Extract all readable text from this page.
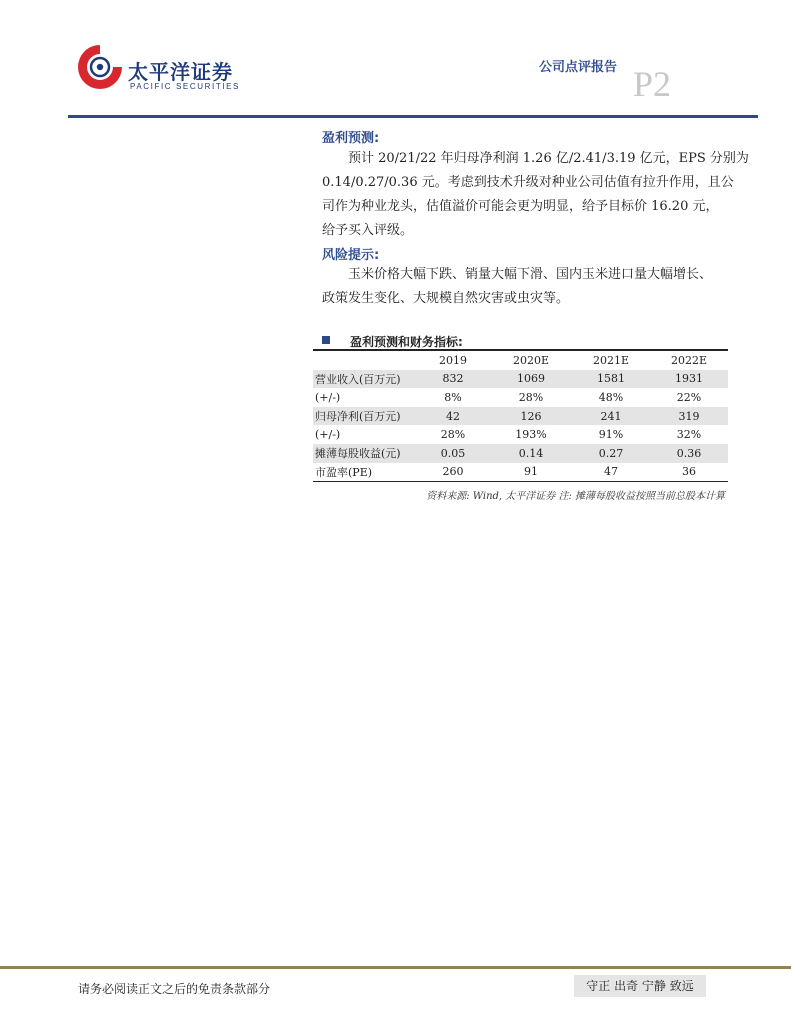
太平洋证券
PACIFIC SECURITIES
公司点评报告 P2
盈利预测:
预计 20/21/22 年归母净利润 1.26 亿/2.41/3.19 亿元，EPS 分别为
0.14/0.27/0.36 元。考虑到技术升级对种业公司估值有拉升作用，且公
司作为种业龙头，估值溢价可能会更为明显，给予目标价 16.20 元，
给予买入评级。
风险提示:
玉米价格大幅下跌、销量大幅下滑、国内玉米进口量大幅增长、
政策发生变化、大规模自然灾害或虫灾等。
盈利预测和财务指标:
	2019	2020E	2021E	2022E
营业收入(百万元)	832	1069	1581	1931
(+/-)	8%	28%	48%	22%
归母净利(百万元)	42	126	241	319
(+/-)	28%	193%	91%	32%
摊薄每股收益(元)	0.05	0.14	0.27	0.36
市盈率(PE)	260	91	47	36
资料来源: Wind, 太平洋证券 注: 摊薄每股收益按照当前总股本计算
请务必阅读正文之后的免责条款部分	守正 出奇 宁静 致远
